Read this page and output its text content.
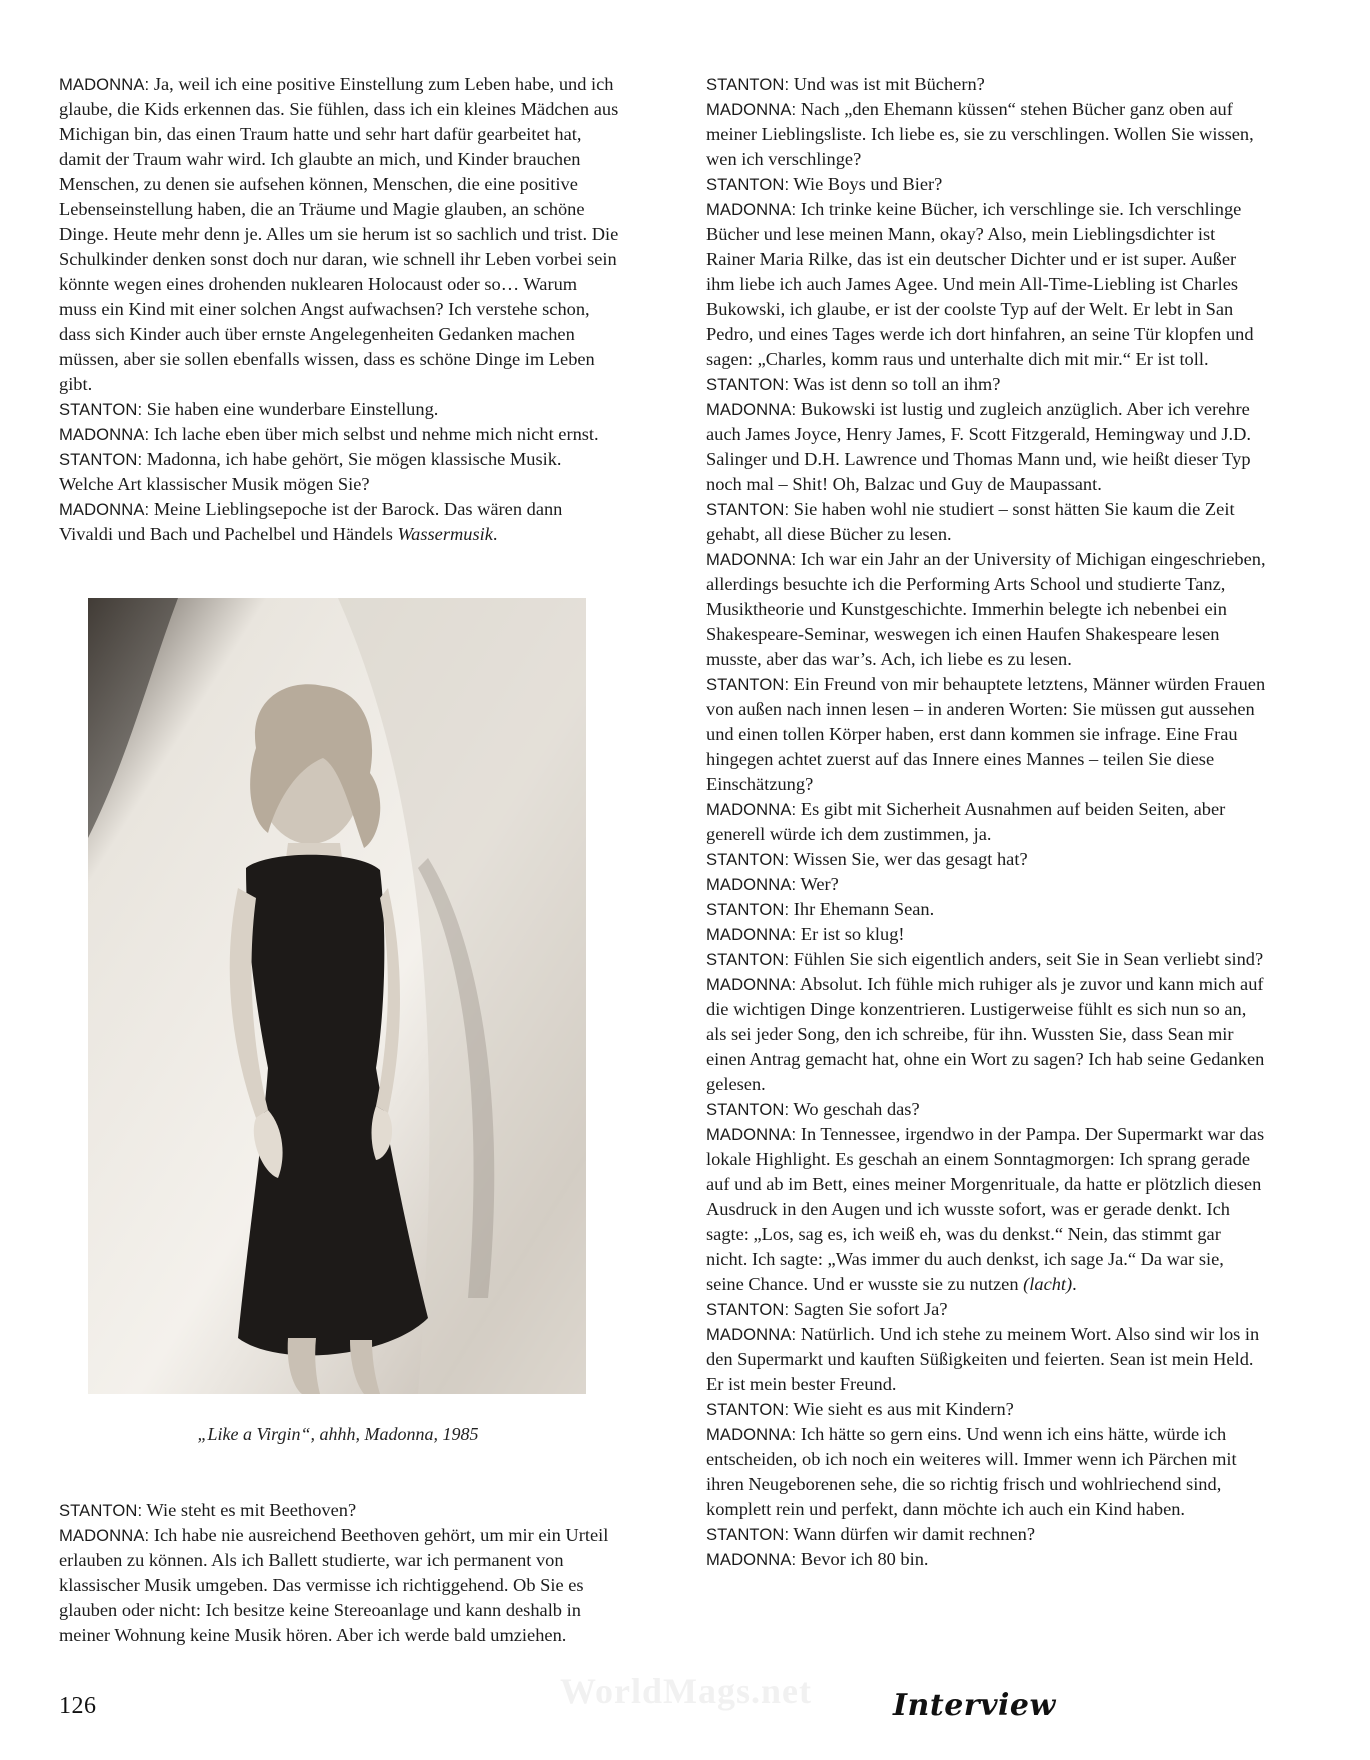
MADONNA: Ja, weil ich eine positive Einstellung zum Leben habe, und ich glaube, die Kids erkennen das. Sie fühlen, dass ich ein kleines Mädchen aus Michigan bin, das einen Traum hatte und sehr hart dafür gearbeitet hat, damit der Traum wahr wird. Ich glaubte an mich, und Kinder brauchen Menschen, zu denen sie aufsehen können, Menschen, die eine positive Lebenseinstellung haben, die an Träume und Magie glauben, an schöne Dinge. Heute mehr denn je. Alles um sie herum ist so sachlich und trist. Die Schulkinder denken sonst doch nur daran, wie schnell ihr Leben vorbei sein könnte wegen eines drohenden nuklearen Holocaust oder so… Warum muss ein Kind mit einer solchen Angst aufwachsen? Ich verstehe schon, dass sich Kinder auch über ernste Angelegenheiten Gedanken machen müssen, aber sie sollen ebenfalls wissen, dass es schöne Dinge im Leben gibt.

STANTON: Sie haben eine wunderbare Einstellung.

MADONNA: Ich lache eben über mich selbst und nehme mich nicht ernst.

STANTON: Madonna, ich habe gehört, Sie mögen klassische Musik. Welche Art klassischer Musik mögen Sie?

MADONNA: Meine Lieblingsepoche ist der Barock. Das wären dann Vivaldi und Bach und Pachelbel und Händels Wassermusik.

„Like a Virgin“, ahhh, Madonna, 1985

STANTON: Wie steht es mit Beethoven?

MADONNA: Ich habe nie ausreichend Beethoven gehört, um mir ein Urteil erlauben zu können. Als ich Ballett studierte, war ich permanent von klassischer Musik umgeben. Das vermisse ich richtiggehend. Ob Sie es glauben oder nicht: Ich besitze keine Stereoanlage und kann deshalb in meiner Wohnung keine Musik hören. Aber ich werde bald umziehen.

STANTON: Und was ist mit Büchern?

MADONNA: Nach „den Ehemann küssen“ stehen Bücher ganz oben auf meiner Lieblingsliste. Ich liebe es, sie zu verschlingen. Wollen Sie wissen, wen ich verschlinge?

STANTON: Wie Boys und Bier?

MADONNA: Ich trinke keine Bücher, ich verschlinge sie. Ich verschlinge Bücher und lese meinen Mann, okay? Also, mein Lieblingsdichter ist Rainer Maria Rilke, das ist ein deutscher Dichter und er ist super. Außer ihm liebe ich auch James Agee. Und mein All-Time-Liebling ist Charles Bukowski, ich glaube, er ist der coolste Typ auf der Welt. Er lebt in San Pedro, und eines Tages werde ich dort hinfahren, an seine Tür klopfen und sagen: „Charles, komm raus und unterhalte dich mit mir.“ Er ist toll.

STANTON: Was ist denn so toll an ihm?

MADONNA: Bukowski ist lustig und zugleich anzüglich. Aber ich verehre auch James Joyce, Henry James, F. Scott Fitzgerald, Hemingway und J.D. Salinger und D.H. Lawrence und Thomas Mann und, wie heißt dieser Typ noch mal – Shit! Oh, Balzac und Guy de Maupassant.

STANTON: Sie haben wohl nie studiert – sonst hätten Sie kaum die Zeit gehabt, all diese Bücher zu lesen.

MADONNA: Ich war ein Jahr an der University of Michigan eingeschrieben, allerdings besuchte ich die Performing Arts School und studierte Tanz, Musiktheorie und Kunstgeschichte. Immerhin belegte ich nebenbei ein Shakespeare-Seminar, weswegen ich einen Haufen Shakespeare lesen musste, aber das war’s. Ach, ich liebe es zu lesen.

STANTON: Ein Freund von mir behauptete letztens, Männer würden Frauen von außen nach innen lesen – in anderen Worten: Sie müssen gut aussehen und einen tollen Körper haben, erst dann kommen sie infrage. Eine Frau hingegen achtet zuerst auf das Innere eines Mannes – teilen Sie diese Einschätzung?

MADONNA: Es gibt mit Sicherheit Ausnahmen auf beiden Seiten, aber generell würde ich dem zustimmen, ja.

STANTON: Wissen Sie, wer das gesagt hat?

MADONNA: Wer?

STANTON: Ihr Ehemann Sean.

MADONNA: Er ist so klug!

STANTON: Fühlen Sie sich eigentlich anders, seit Sie in Sean verliebt sind?

MADONNA: Absolut. Ich fühle mich ruhiger als je zuvor und kann mich auf die wichtigen Dinge konzentrieren. Lustigerweise fühlt es sich nun so an, als sei jeder Song, den ich schreibe, für ihn. Wussten Sie, dass Sean mir einen Antrag gemacht hat, ohne ein Wort zu sagen? Ich hab seine Gedanken gelesen.

STANTON: Wo geschah das?

MADONNA: In Tennessee, irgendwo in der Pampa. Der Supermarkt war das lokale Highlight. Es geschah an einem Sonntagmorgen: Ich sprang gerade auf und ab im Bett, eines meiner Morgenrituale, da hatte er plötzlich diesen Ausdruck in den Augen und ich wusste sofort, was er gerade denkt. Ich sagte: „Los, sag es, ich weiß eh, was du denkst.“ Nein, das stimmt gar nicht. Ich sagte: „Was immer du auch denkst, ich sage Ja.“ Da war sie, seine Chance. Und er wusste sie zu nutzen (lacht).

STANTON: Sagten Sie sofort Ja?

MADONNA: Natürlich. Und ich stehe zu meinem Wort. Also sind wir los in den Supermarkt und kauften Süßigkeiten und feierten. Sean ist mein Held. Er ist mein bester Freund.

STANTON: Wie sieht es aus mit Kindern?

MADONNA: Ich hätte so gern eins. Und wenn ich eins hätte, würde ich entscheiden, ob ich noch ein weiteres will. Immer wenn ich Pärchen mit ihren Neugeborenen sehe, die so richtig frisch und wohlriechend sind, komplett rein und perfekt, dann möchte ich auch ein Kind haben.

STANTON: Wann dürfen wir damit rechnen?

MADONNA: Bevor ich 80 bin.

126	WorldMags.net	Interview
